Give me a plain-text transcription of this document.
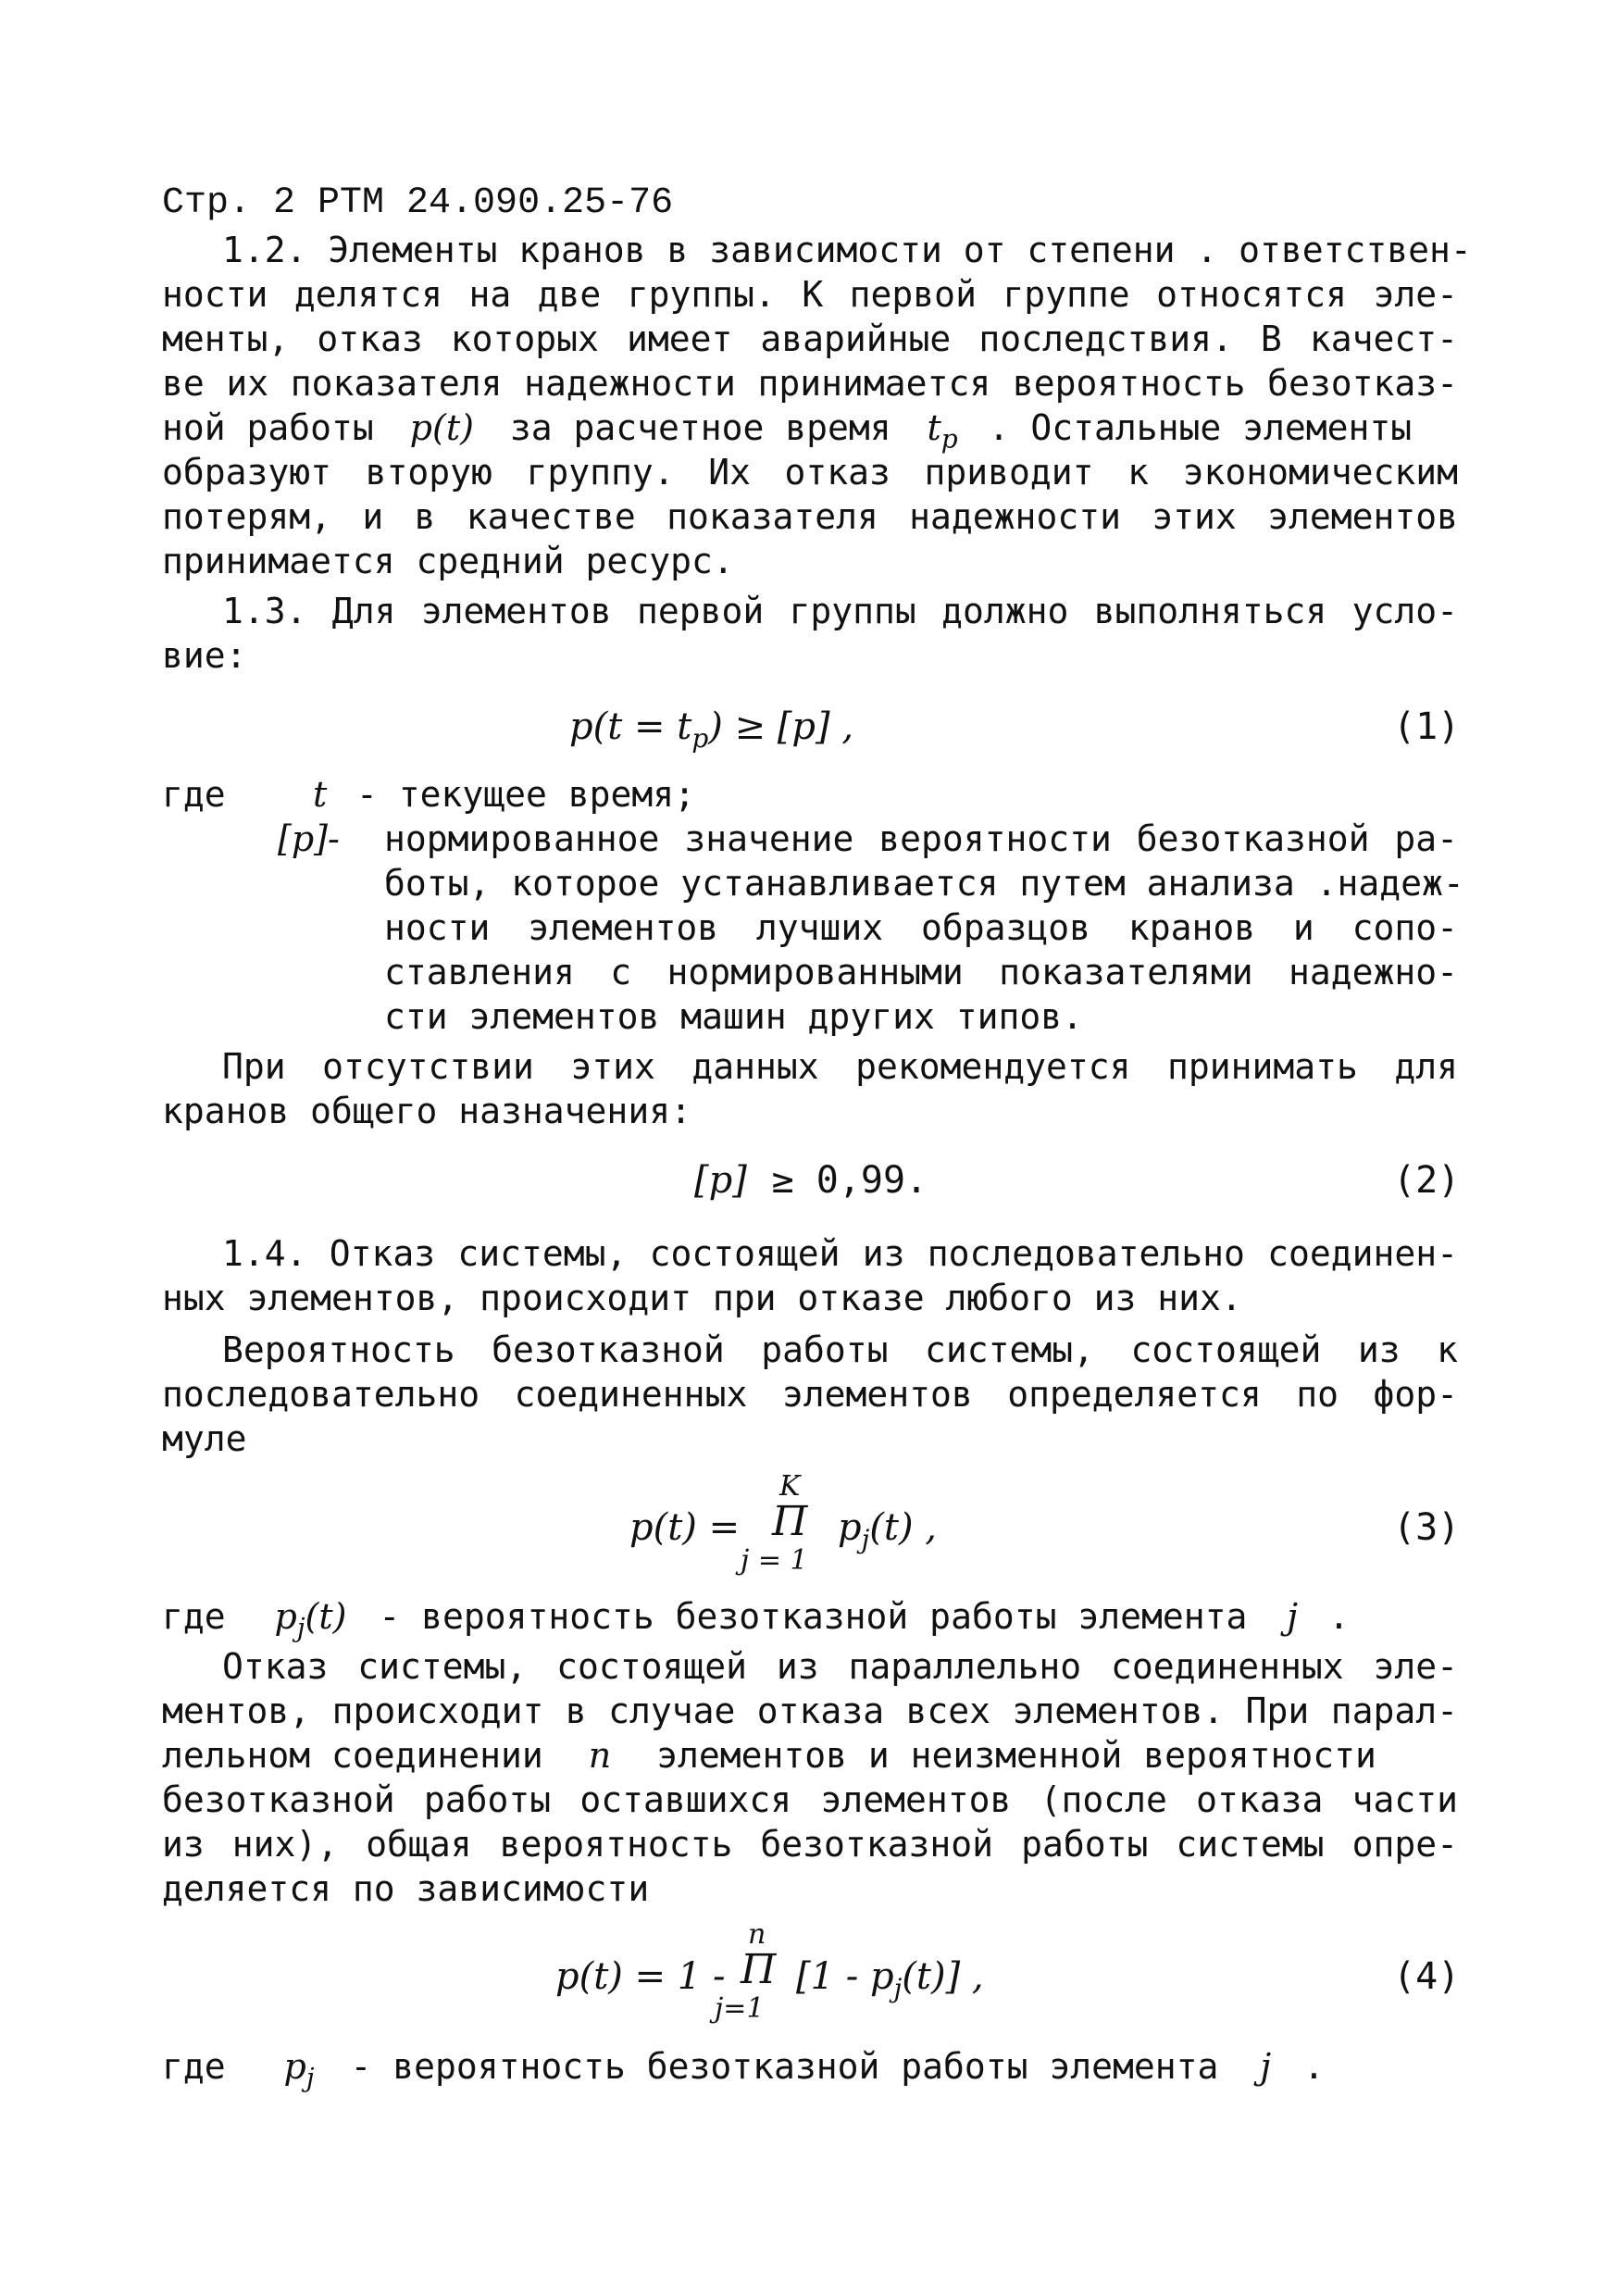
Стр. 2 РТМ 24.090.25-76
1.2. Элементы кранов в зависимости от степени . ответствен-
ности делятся на две группы. К первой группе относятся эле-
менты, отказ которых имеет аварийные последствия. В качест-
ве их показателя надежности принимается вероятность безотказ-
ной работы p(t) за расчетное время $t_p$ . Остальные элементы
образуют вторую группу. Их отказ приводит к экономическим
потерям, и в качестве показателя надежности этих элементов
принимается средний ресурс.
1.3. Для элементов первой группы должно выполняться усло-
вие:
$p(t = t_p) \ge [p]$ ,	(1)
где	t - текущее время;
[p]-	нормированное значение вероятности безотказной ра-
боты, которое устанавливается путем анализа .надеж-
ности элементов лучших образцов кранов и сопо-
ставления с нормированными показателями надежно-
сти элементов машин других типов.
При отсутствии этих данных рекомендуется принимать для
кранов общего назначения:
[p] ≥ 0,99.	(2)
1.4. Отказ системы, состоящей из последовательно соединен-
ных элементов, происходит при отказе любого из них.
Вероятность безотказной работы системы, состоящей из к
последовательно соединенных элементов определяется по фор-
муле
p(t) =
K
П
j = 1
$p_j(t)$ ,	(3)
где $p_j(t)$ - вероятность безотказной работы элемента j .
Отказ системы, состоящей из параллельно соединенных эле-
ментов, происходит в случае отказа всех элементов. При парал-
лельном соединении n элементов и неизменной вероятности
безотказной работы оставшихся элементов (после отказа части
из них), общая вероятность безотказной работы системы опре-
деляется по зависимости
p(t) = 1 -
n
П
j=1
$[1 - p_j(t)]$ ,	(4)
где $p_j$ - вероятность безотказной работы элемента j .
